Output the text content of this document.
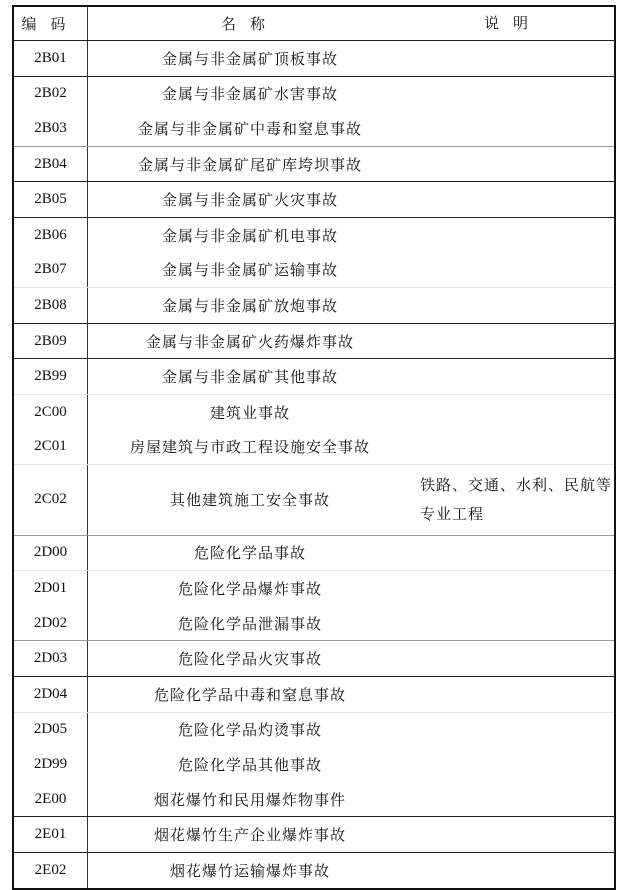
编码	名称	说明
2B01	金属与非金属矿顶板事故	
2B02	金属与非金属矿水害事故	
2B03	金属与非金属矿中毒和窒息事故	
2B04	金属与非金属矿尾矿库垮坝事故	
2B05	金属与非金属矿火灾事故	
2B06	金属与非金属矿机电事故	
2B07	金属与非金属矿运输事故	
2B08	金属与非金属矿放炮事故	
2B09	金属与非金属矿火药爆炸事故	
2B99	金属与非金属矿其他事故	
2C00	建筑业事故	
2C01	房屋建筑与市政工程设施安全事故	
2C02	其他建筑施工安全事故	铁路、交通、水利、民航等专业工程
2D00	危险化学品事故	
2D01	危险化学品爆炸事故	
2D02	危险化学品泄漏事故	
2D03	危险化学品火灾事故	
2D04	危险化学品中毒和窒息事故	
2D05	危险化学品灼烫事故	
2D99	危险化学品其他事故	
2E00	烟花爆竹和民用爆炸物事件	
2E01	烟花爆竹生产企业爆炸事故	
2E02	烟花爆竹运输爆炸事故	
